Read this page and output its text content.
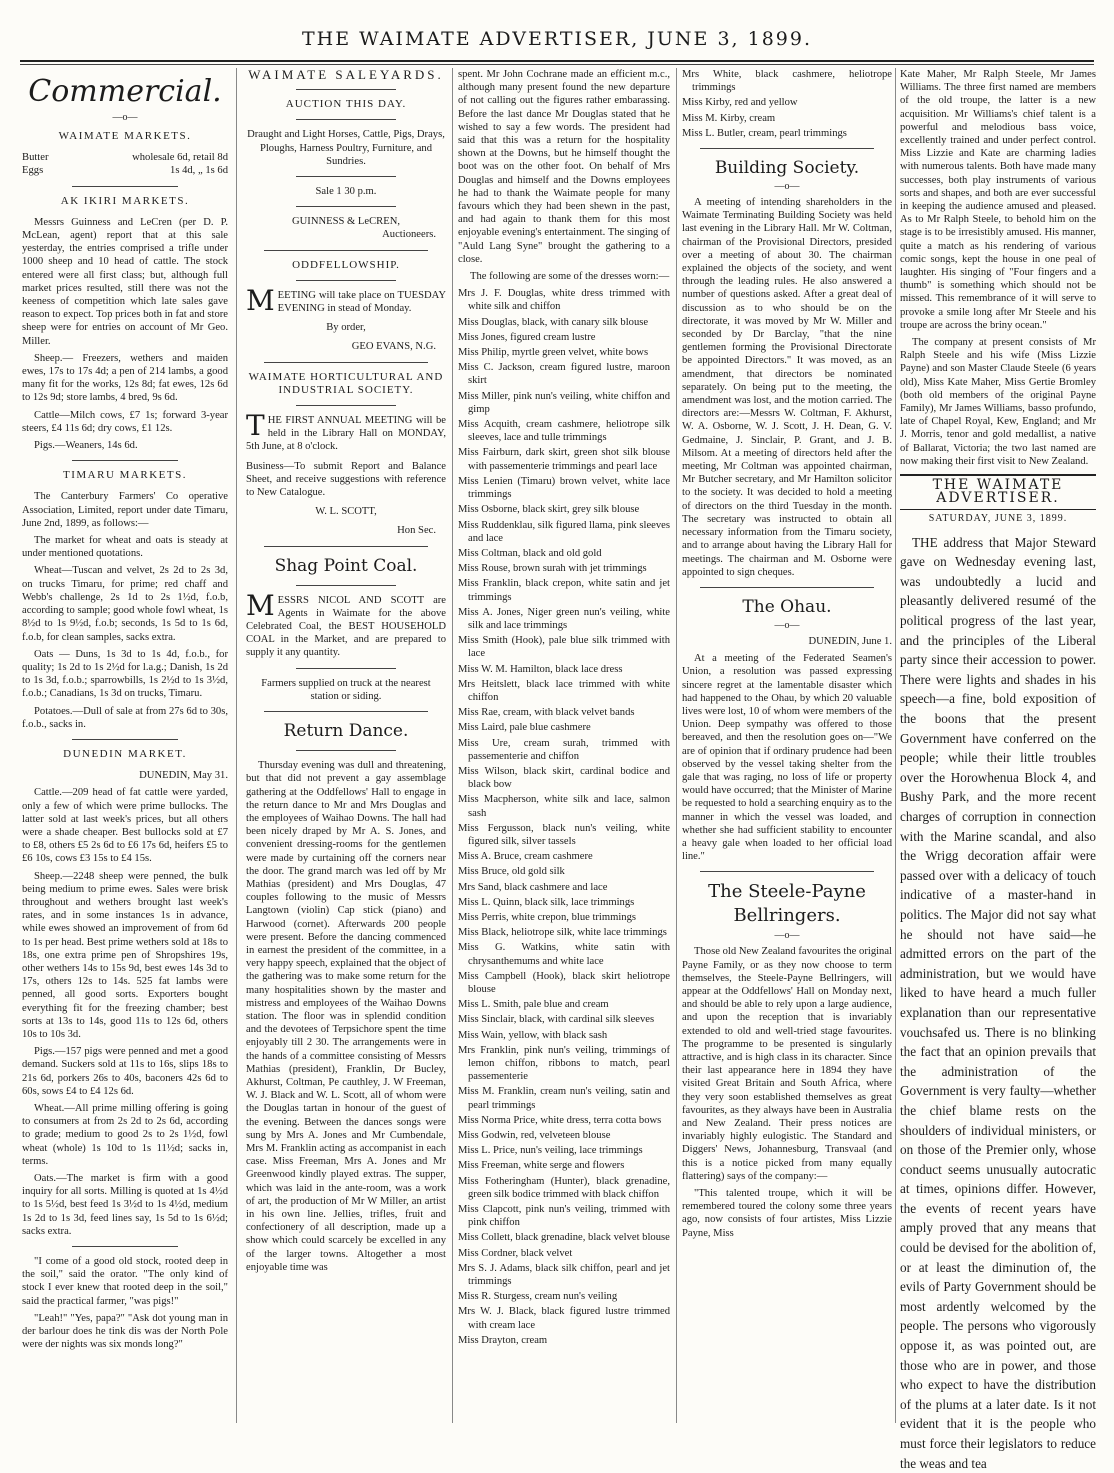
THE WAIMATE ADVERTISER, JUNE 3, 1899.
Commercial.
—o—
WAIMATE MARKETS.
Butter	wholesale 6d, retail 8d
Eggs	1s 4d, „ 1s 6d
AK IKIRI MARKETS.

Messrs Guinness and LeCren (per D. P. McLean, agent) report that at this sale yesterday, the entries comprised a trifle under 1000 sheep and 10 head of cattle. The stock entered were all first class; but, although full market prices resulted, still there was not the keeness of competition which late sales gave reason to expect. Top prices both in fat and store sheep were for entries on account of Mr Geo. Miller.

Sheep.— Freezers, wethers and maiden ewes, 17s to 17s 4d; a pen of 214 lambs, a good many fit for the works, 12s 8d; fat ewes, 12s 6d to 12s 9d; store lambs, 4 bred, 9s 6d.

Cattle—Milch cows, £7 1s; forward 3-year steers, £4 11s 6d; dry cows, £1 12s.

Pigs.—Weaners, 14s 6d.

TIMARU MARKETS.

The Canterbury Farmers' Co operative Association, Limited, report under date Timaru, June 2nd, 1899, as follows:—

The market for wheat and oats is steady at under mentioned quotations.

Wheat—Tuscan and velvet, 2s 2d to 2s 3d, on trucks Timaru, for prime; red chaff and Webb's challenge, 2s 1d to 2s 1½d, f.o.b, according to sample; good whole fowl wheat, 1s 8½d to 1s 9½d, f.o.b; seconds, 1s 5d to 1s 6d, f.o.b, for clean samples, sacks extra.

Oats — Duns, 1s 3d to 1s 4d, f.o.b., for quality; 1s 2d to 1s 2½d for l.a.g.; Danish, 1s 2d to 1s 3d, f.o.b.; sparrowbills, 1s 2½d to 1s 3½d, f.o.b.; Canadians, 1s 3d on trucks, Timaru.

Potatoes.—Dull of sale at from 27s 6d to 30s, f.o.b., sacks in.

DUNEDIN MARKET.
DUNEDIN, May 31.

Cattle.—209 head of fat cattle were yarded, only a few of which were prime bullocks. The latter sold at last week's prices, but all others were a shade cheaper. Best bullocks sold at £7 to £8, others £5 2s 6d to £6 17s 6d, heifers £5 to £6 10s, cows £3 15s to £4 15s.

Sheep.—2248 sheep were penned, the bulk being medium to prime ewes. Sales were brisk throughout and wethers brought last week's rates, and in some instances 1s in advance, while ewes showed an improvement of from 6d to 1s per head. Best prime wethers sold at 18s to 18s, one extra prime pen of Shropshires 19s, other wethers 14s to 15s 9d, best ewes 14s 3d to 17s, others 12s to 14s. 525 fat lambs were penned, all good sorts. Exporters bought everything fit for the freezing chamber; best sorts at 13s to 14s, good 11s to 12s 6d, others 10s to 10s 3d.

Pigs.—157 pigs were penned and met a good demand. Suckers sold at 11s to 16s, slips 18s to 21s 6d, porkers 26s to 40s, baconers 42s 6d to 60s, sows £4 to £4 12s 6d.

Wheat.—All prime milling offering is going to consumers at from 2s 2d to 2s 6d, according to grade; medium to good 2s to 2s 1½d, fowl wheat (whole) 1s 10d to 1s 11½d; sacks in, terms.

Oats.—The market is firm with a good inquiry for all sorts. Milling is quoted at 1s 4½d to 1s 5½d, best feed 1s 3½d to 1s 4½d, medium 1s 2d to 1s 3d, feed lines say, 1s 5d to 1s 6½d; sacks extra.

"I come of a good old stock, rooted deep in the soil," said the orator. "The only kind of stock I ever knew that rooted deep in the soil," said the practical farmer, "was pigs!"

"Leah!" "Yes, papa?" "Ask dot young man in der barlour does he tink dis was der North Pole were der nights was six monds long?"

WAIMATE SALEYARDS.
AUCTION THIS DAY.

Draught and Light Horses, Cattle, Pigs, Drays, Ploughs, Harness Poultry, Furniture, and Sundries.

Sale 1 30 p.m.

GUINNESS & LeCREN,

Auctioneers.
ODDFELLOWSHIP.

MEETING will take place on TUESDAY EVENING in stead of Monday.

By order,

GEO EVANS, N.G.
WAIMATE HORTICULTURAL AND INDUSTRIAL SOCIETY.

THE FIRST ANNUAL MEETING will be held in the Library Hall on MONDAY, 5th June, at 8 o'clock.

Business—To submit Report and Balance Sheet, and receive suggestions with reference to New Catalogue.

W. L. SCOTT,

Hon Sec.
Shag Point Coal.

MESSRS NICOL AND SCOTT are Agents in Waimate for the above Celebrated Coal, the BEST HOUSEHOLD COAL in the Market, and are prepared to supply it any quantity.

Farmers supplied on truck at the nearest station or siding.

Return Dance.

Thursday evening was dull and threatening, but that did not prevent a gay assemblage gathering at the Oddfellows' Hall to engage in the return dance to Mr and Mrs Douglas and the employees of Waihao Downs. The hall had been nicely draped by Mr A. S. Jones, and convenient dressing-rooms for the gentlemen were made by curtaining off the corners near the door. The grand march was led off by Mr Mathias (president) and Mrs Douglas, 47 couples following to the music of Messrs Langtown (violin) Cap stick (piano) and Harwood (cornet). Afterwards 200 people were present. Before the dancing commenced in earnest the president of the committee, in a very happy speech, explained that the object of the gathering was to make some return for the many hospitalities shown by the master and mistress and employees of the Waihao Downs station. The floor was in splendid condition and the devotees of Terpsichore spent the time enjoyably till 2 30. The arrangements were in the hands of a committee consisting of Messrs Mathias (president), Franklin, Dr Bucley, Akhurst, Coltman, Pe cauthley, J. W Freeman, W. J. Black and W. L. Scott, all of whom were the Douglas tartan in honour of the guest of the evening. Between the dances songs were sung by Mrs A. Jones and Mr Cumbendale, Mrs M. Franklin acting as accompanist in each case. Miss Freeman, Mrs A. Jones and Mr Greenwood kindly played extras. The supper, which was laid in the ante-room, was a work of art, the production of Mr W Miller, an artist in his own line. Jellies, trifles, fruit and confectionery of all description, made up a show which could scarcely be excelled in any of the larger towns. Altogether a most enjoyable time was

spent. Mr John Cochrane made an efficient m.c., although many present found the new departure of not calling out the figures rather embarassing. Before the last dance Mr Douglas stated that he wished to say a few words. The president had said that this was a return for the hospitality shown at the Downs, but he himself thought the boot was on the other foot. On behalf of Mrs Douglas and himself and the Downs employees he had to thank the Waimate people for many favours which they had been shewn in the past, and had again to thank them for this most enjoyable evening's entertainment. The singing of "Auld Lang Syne" brought the gathering to a close.

The following are some of the dresses worn:—

Mrs J. F. Douglas, white dress trimmed with white silk and chiffon

Miss Douglas, black, with canary silk blouse

Miss Jones, figured cream lustre

Miss Philip, myrtle green velvet, white bows

Miss C. Jackson, cream figured lustre, maroon skirt

Miss Miller, pink nun's veiling, white chiffon and gimp

Miss Acquith, cream cashmere, heliotrope silk sleeves, lace and tulle trimmings

Miss Fairburn, dark skirt, green shot silk blouse with passementerie trimmings and pearl lace

Miss Lenien (Timaru) brown velvet, white lace trimmings

Miss Osborne, black skirt, grey silk blouse

Miss Ruddenklau, silk figured llama, pink sleeves and lace

Miss Coltman, black and old gold

Miss Rouse, brown surah with jet trimmings

Miss Franklin, black crepon, white satin and jet trimmings

Miss A. Jones, Niger green nun's veiling, white silk and lace trimmings

Miss Smith (Hook), pale blue silk trimmed with lace

Miss W. M. Hamilton, black lace dress

Mrs Heitslett, black lace trimmed with white chiffon

Miss Rae, cream, with black velvet bands

Miss Laird, pale blue cashmere

Miss Ure, cream surah, trimmed with passementerie and chiffon

Miss Wilson, black skirt, cardinal bodice and black bow

Miss Macpherson, white silk and lace, salmon sash

Miss Fergusson, black nun's veiling, white figured silk, silver tassels

Miss A. Bruce, cream cashmere

Miss Bruce, old gold silk

Mrs Sand, black cashmere and lace

Miss L. Quinn, black silk, lace trimmings

Miss Perris, white crepon, blue trimmings

Miss Black, heliotrope silk, white lace trimmings

Miss G. Watkins, white satin with chrysanthemums and white lace

Miss Campbell (Hook), black skirt heliotrope blouse

Miss L. Smith, pale blue and cream

Miss Sinclair, black, with cardinal silk sleeves

Miss Wain, yellow, with black sash

Mrs Franklin, pink nun's veiling, trimmings of lemon chiffon, ribbons to match, pearl passementerie

Miss M. Franklin, cream nun's veiling, satin and pearl trimmings

Miss Norma Price, white dress, terra cotta bows

Miss Godwin, red, velveteen blouse

Miss L. Price, nun's veiling, lace trimmings

Miss Freeman, white serge and flowers

Miss Fotheringham (Hunter), black grenadine, green silk bodice trimmed with black chiffon

Miss Clapcott, pink nun's veiling, trimmed with pink chiffon

Miss Collett, black grenadine, black velvet blouse

Miss Cordner, black velvet

Mrs S. J. Adams, black silk chiffon, pearl and jet trimmings

Miss R. Sturgess, cream nun's veiling

Mrs W. J. Black, black figured lustre trimmed with cream lace

Miss Drayton, cream

Mrs White, black cashmere, heliotrope trimmings

Miss Kirby, red and yellow

Miss M. Kirby, cream

Miss L. Butler, cream, pearl trimmings

Building Society.
—o—

A meeting of intending shareholders in the Waimate Terminating Building Society was held last evening in the Library Hall. Mr W. Coltman, chairman of the Provisional Directors, presided over a meeting of about 30. The chairman explained the objects of the society, and went through the leading rules. He also answered a number of questions asked. After a great deal of discussion as to who should be on the directorate, it was moved by Mr W. Miller and seconded by Dr Barclay, "that the nine gentlemen forming the Provisional Directorate be appointed Directors." It was moved, as an amendment, that directors be nominated separately. On being put to the meeting, the amendment was lost, and the motion carried. The directors are:—Messrs W. Coltman, F. Akhurst, W. A. Osborne, W. J. Scott, J. H. Dean, G. V. Gedmaine, J. Sinclair, P. Grant, and J. B. Milsom. At a meeting of directors held after the meeting, Mr Coltman was appointed chairman, Mr Butcher secretary, and Mr Hamilton solicitor to the society. It was decided to hold a meeting of directors on the third Tuesday in the month. The secretary was instructed to obtain all necessary information from the Timaru society, and to arrange about having the Library Hall for meetings. The chairman and M. Osborne were appointed to sign cheques.

The Ohau.
—o—
DUNEDIN, June 1.

At a meeting of the Federated Seamen's Union, a resolution was passed expressing sincere regret at the lamentable disaster which had happened to the Ohau, by which 20 valuable lives were lost, 10 of whom were members of the Union. Deep sympathy was offered to those bereaved, and then the resolution goes on—"We are of opinion that if ordinary prudence had been observed by the vessel taking shelter from the gale that was raging, no loss of life or property would have occurred; that the Minister of Marine be requested to hold a searching enquiry as to the manner in which the vessel was loaded, and whether she had sufficient stability to encounter a heavy gale when loaded to her official load line."

The Steele-Payne Bellringers.
—o—

Those old New Zealand favourites the original Payne Family, or as they now choose to term themselves, the Steele-Payne Bellringers, will appear at the Oddfellows' Hall on Monday next, and should be able to rely upon a large audience, and upon the reception that is invariably extended to old and well-tried stage favourites. The programme to be presented is singularly attractive, and is high class in its character. Since their last appearance here in 1894 they have visited Great Britain and South Africa, where they very soon established themselves as great favourites, as they always have been in Australia and New Zealand. Their press notices are invariably highly eulogistic. The Standard and Diggers' News, Johannesburg, Transvaal (and this is a notice picked from many equally flattering) says of the company:—

"This talented troupe, which it will be remembered toured the colony some three years ago, now consists of four artistes, Miss Lizzie Payne, Miss

Kate Maher, Mr Ralph Steele, Mr James Williams. The three first named are members of the old troupe, the latter is a new acquisition. Mr Williams's chief talent is a powerful and melodious bass voice, excellently trained and under perfect control. Miss Lizzie and Kate are charming ladies with numerous talents. Both have made many successes, both play instruments of various sorts and shapes, and both are ever successful in keeping the audience amused and pleased. As to Mr Ralph Steele, to behold him on the stage is to be irresistibly amused. His manner, quite a match as his rendering of various comic songs, kept the house in one peal of laughter. His singing of "Four fingers and a thumb" is something which should not be missed. This remembrance of it will serve to provoke a smile long after Mr Steele and his troupe are across the briny ocean."

The company at present consists of Mr Ralph Steele and his wife (Miss Lizzie Payne) and son Master Claude Steele (6 years old), Miss Kate Maher, Miss Gertie Bromley (both old members of the original Payne Family), Mr James Williams, basso profundo, late of Chapel Royal, Kew, England; and Mr J. Morris, tenor and gold medallist, a native of Ballarat, Victoria; the two last named are now making their first visit to New Zealand.

THE WAIMATE ADVERTISER.
SATURDAY, JUNE 3, 1899.

THE address that Major Steward gave on Wednesday evening last, was undoubtedly a lucid and pleasantly delivered resumé of the political progress of the last year, and the principles of the Liberal party since their accession to power. There were lights and shades in his speech—a fine, bold exposition of the boons that the present Government have conferred on the people; while their little troubles over the Horowhenua Block 4, and Bushy Park, and the more recent charges of corruption in connection with the Marine scandal, and also the Wrigg decoration affair were passed over with a delicacy of touch indicative of a master-hand in politics. The Major did not say what he should not have said—he admitted errors on the part of the administration, but we would have liked to have heard a much fuller explanation than our representative vouchsafed us. There is no blinking the fact that an opinion prevails that the administration of the Government is very faulty—whether the chief blame rests on the shoulders of individual ministers, or on those of the Premier only, whose conduct seems unusually autocratic at times, opinions differ. However, the events of recent years have amply proved that any means that could be devised for the abolition of, or at least the diminution of, the evils of Party Government should be most ardently welcomed by the people. The persons who vigorously oppose it, as was pointed out, are those who are in power, and those who expect to have the distribution of the plums at a later date. Is it not evident that it is the people who must force their legislators to reduce the weas and tea
